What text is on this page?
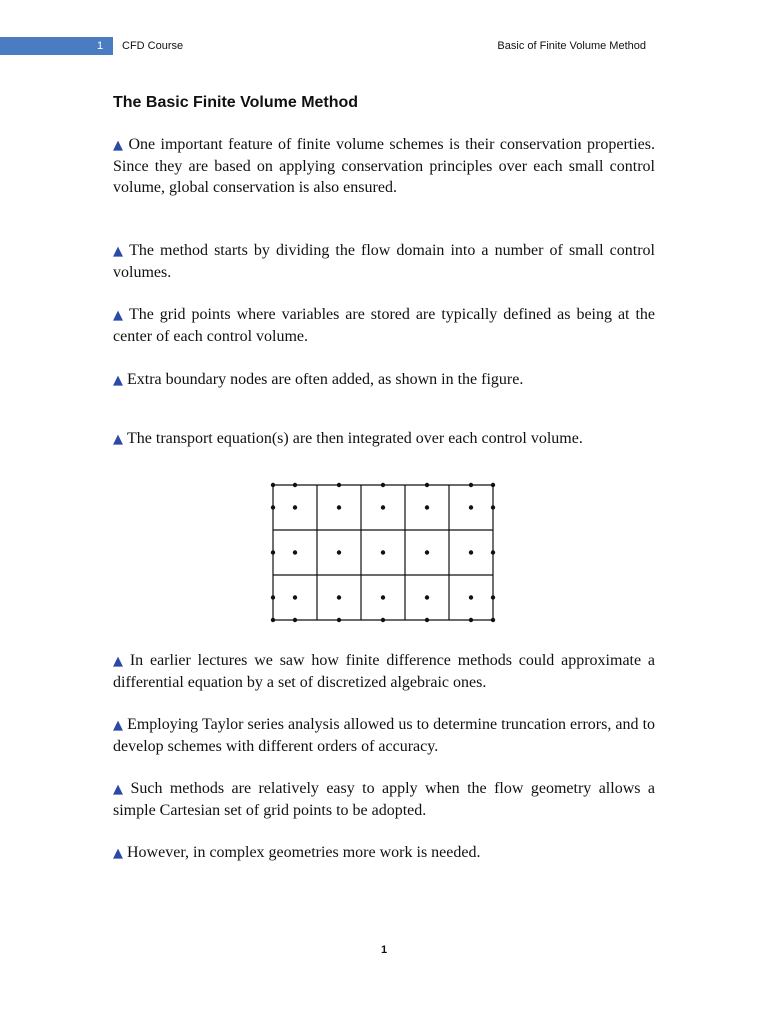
1	CFD Course	Basic of Finite Volume Method
The Basic Finite Volume Method

▲ One important feature of finite volume schemes is their conservation properties. Since they are based on applying conservation principles over each small control volume, global conservation is also ensured.

▲ The method starts by dividing the flow domain into a number of small control volumes.

▲ The grid points where variables are stored are typically defined as being at the center of each control volume.

▲ Extra boundary nodes are often added, as shown in the figure.

▲ The transport equation(s) are then integrated over each control volume.

▲ In earlier lectures we saw how finite difference methods could approximate a differential equation by a set of discretized algebraic ones.

▲ Employing Taylor series analysis allowed us to determine truncation errors, and to develop schemes with different orders of accuracy.

▲ Such methods are relatively easy to apply when the flow geometry allows a simple Cartesian set of grid points to be adopted.

▲ However, in complex geometries more work is needed.

1
